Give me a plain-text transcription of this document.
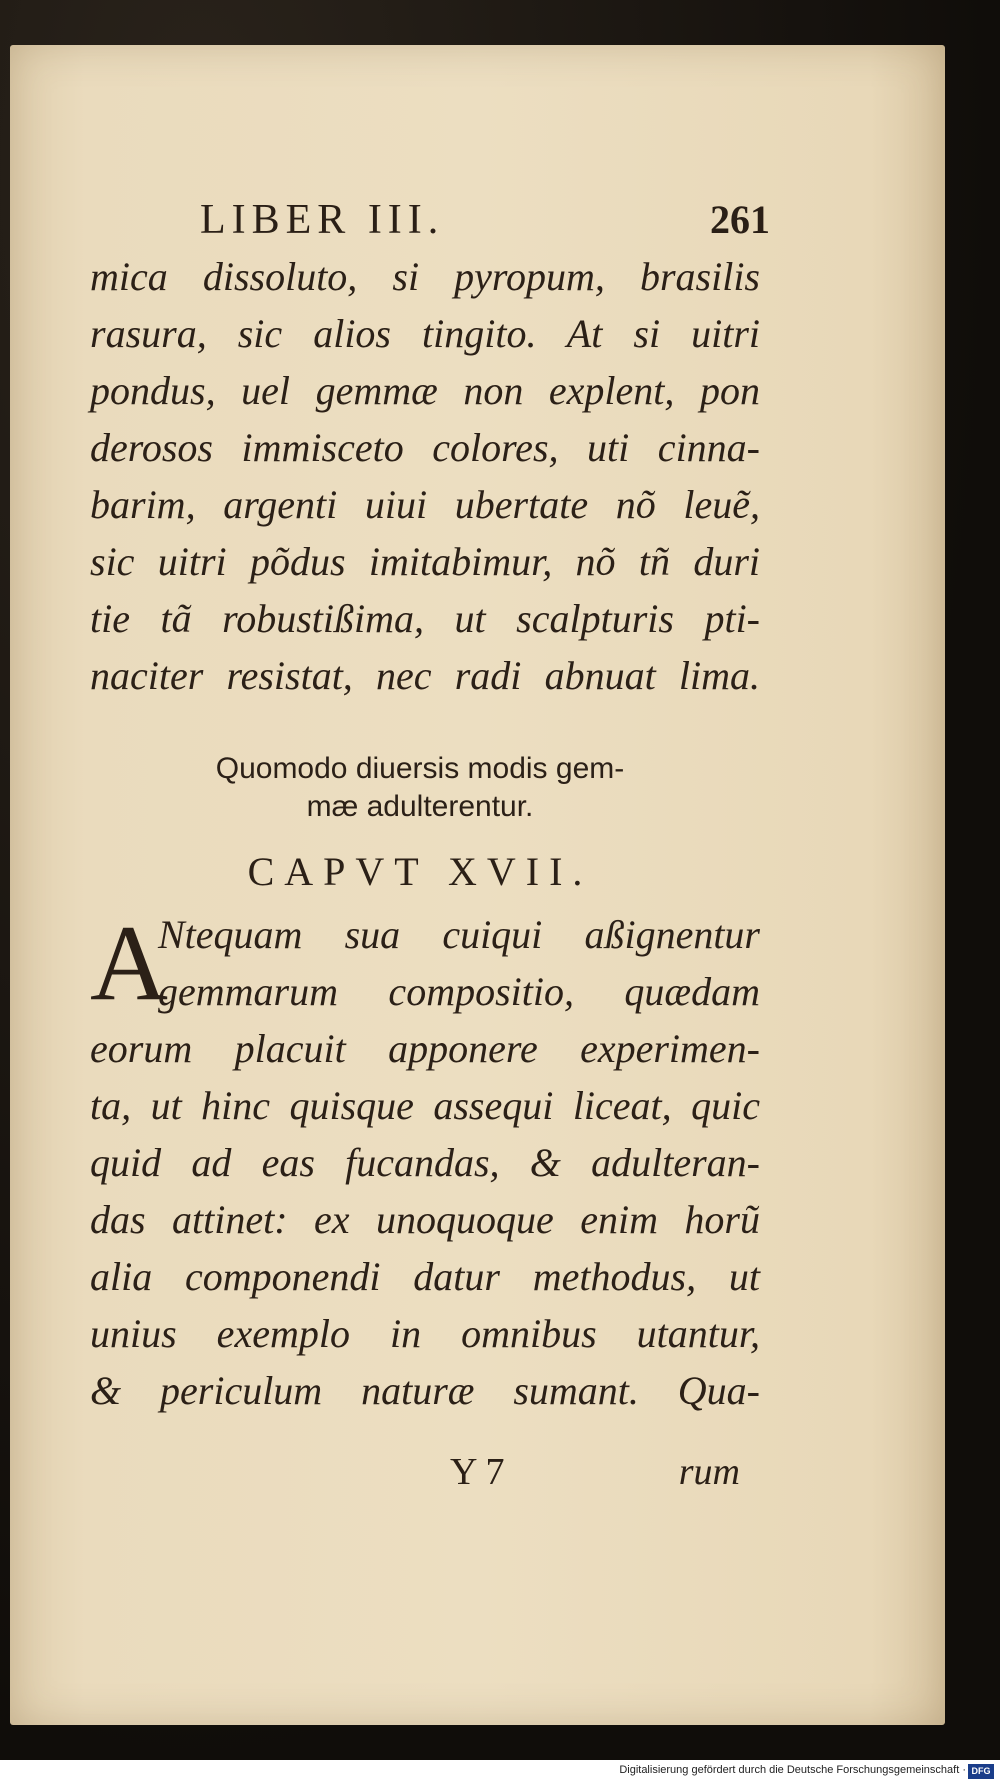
LIBER III.	261
mica dissoluto, si pyropum, brasilis
rasura, sic alios tingito. At si uitri
pondus, uel gemmæ non explent, pon
derosos immisceto colores, uti cinna-
barim, argenti uiui ubertate nõ leuẽ,
sic uitri põdus imitabimur, nõ tñ duri
tie tã robustißima, ut scalpturis pti-
naciter resistat, nec radi abnuat lima.
Quomodo diuersis modis gem-
mæ adulterentur.
CAPVT XVII.
A
Ntequam sua cuiqui aßignentur
gemmarum compositio, quædam
eorum placuit apponere experimen-
ta, ut hinc quisque assequi liceat, quic
quid ad eas fucandas, & adulteran-
das attinet: ex unoquoque enim horũ
alia componendi datur methodus, ut
unius exemplo in omnibus utantur,
& periculum naturæ sumant. Qua-
Y 7	rum
Digitalisierung gefördert durch die Deutsche Forschungsgemeinschaft · DFG
